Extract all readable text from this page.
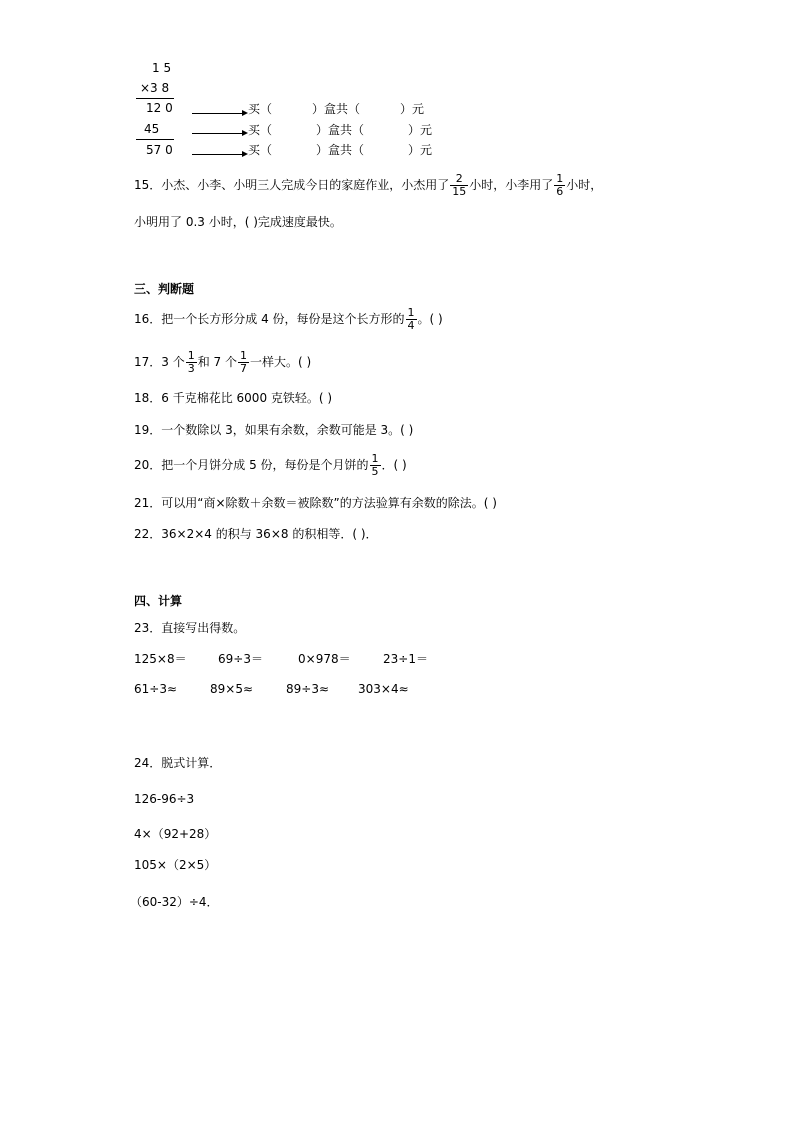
1 5
×3 8
12 0
45
57 0
买（	）盒共（	）元
买（	）盒共（	）元
买（	）盒共（	）元
15．小杰、小李、小明三人完成今日的家庭作业，小杰用了 $\frac{2}{15}$ 小时，小李用了 $\frac{1}{6}$ 小时，
小明用了 0.3 小时，( )完成速度最快。
三、判断题
16．把一个长方形分成 4 份，每份是这个长方形的 $\frac{1}{4}$ 。( )
17．3 个 $\frac{1}{3}$ 和 7 个 $\frac{1}{7}$ 一样大。( )
18．6 千克棉花比 6000 克铁轻。( )
19．一个数除以 3，如果有余数，余数可能是 3。( )
20．把一个月饼分成 5 份，每份是个月饼的 $\frac{1}{5}$ ．( )
21．可以用“商×除数＋余数＝被除数”的方法验算有余数的除法。( )
22．36×2×4 的积与 36×8 的积相等．( )．
四、计算
23．直接写出得数。
125×8＝	69÷3＝	0×978＝	23÷1＝
61÷3≈	89×5≈	89÷3≈ 303×4≈
24．脱式计算．
126-96÷3
4×（92+28）
105×（2×5）
（60-32）÷4．
